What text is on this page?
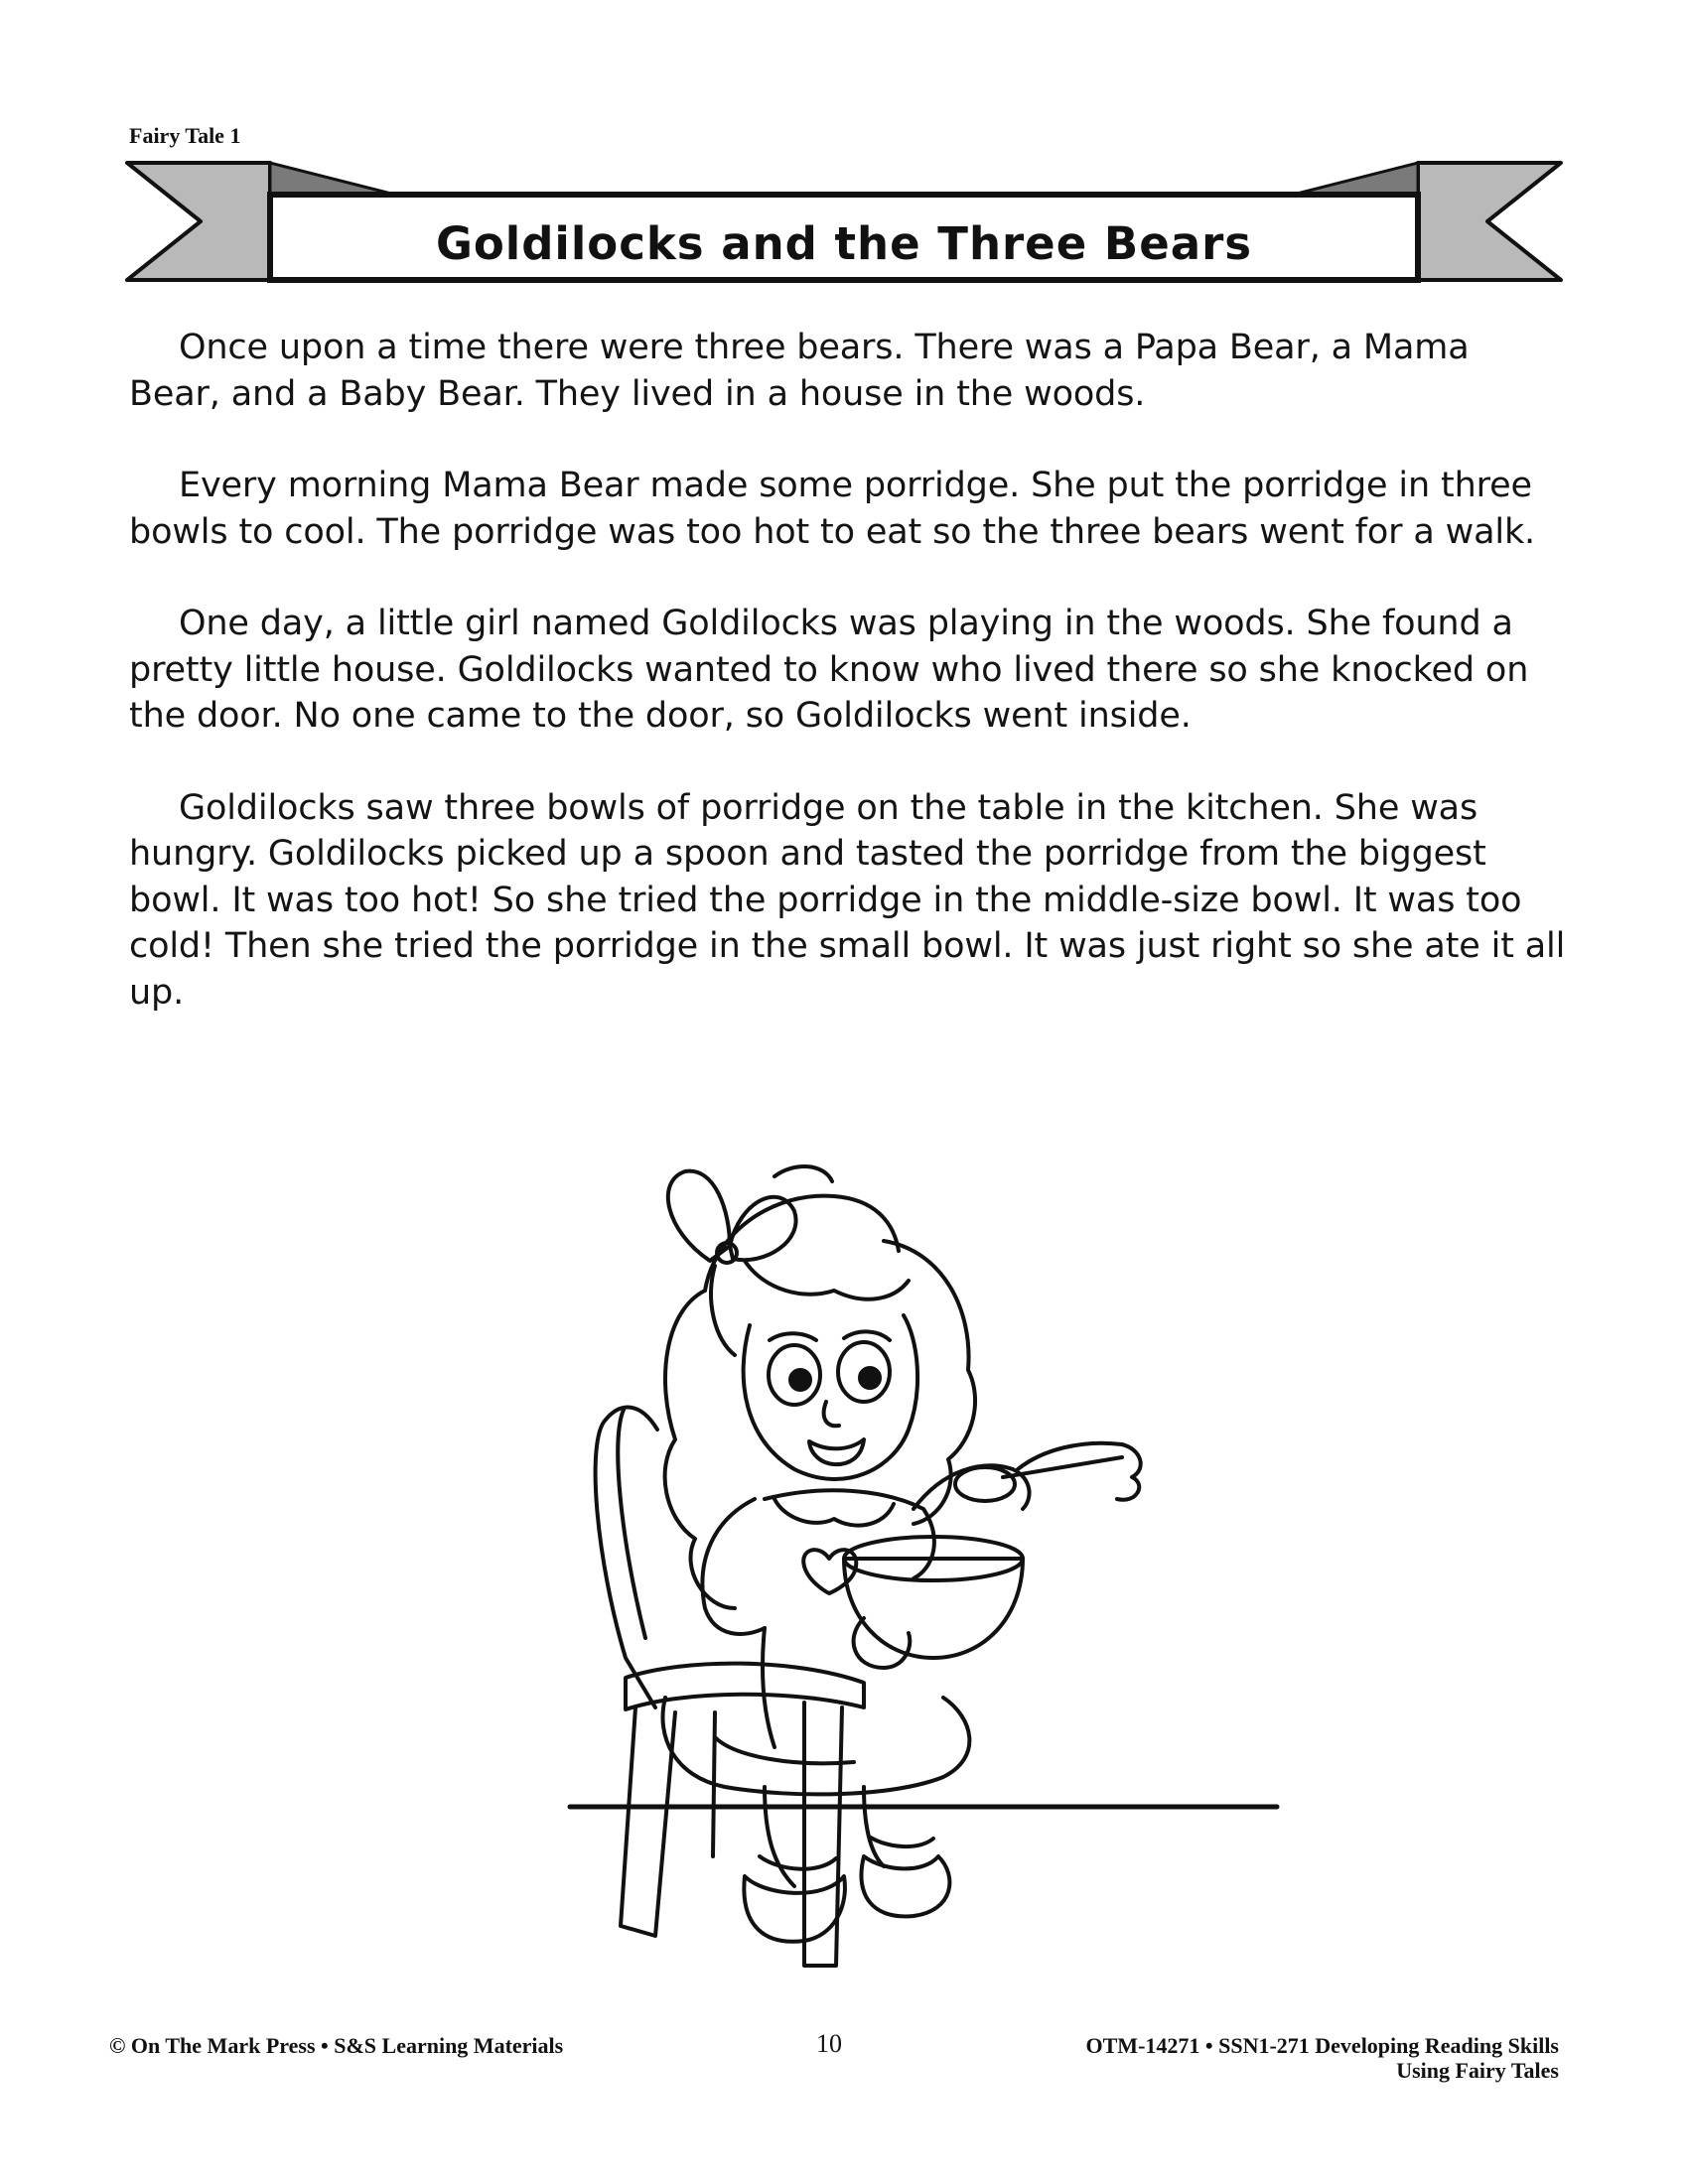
Fairy Tale 1
Goldilocks and the Three Bears

Once upon a time there were three bears. There was a Papa Bear, a Mama Bear, and a Baby Bear. They lived in a house in the woods.

Every morning Mama Bear made some porridge. She put the porridge in three bowls to cool. The porridge was too hot to eat so the three bears went for a walk.

One day, a little girl named Goldilocks was playing in the woods. She found a pretty little house. Goldilocks wanted to know who lived there so she knocked on the door. No one came to the door, so Goldilocks went inside.

Goldilocks saw three bowls of porridge on the table in the kitchen. She was hungry. Goldilocks picked up a spoon and tasted the porridge from the biggest bowl. It was too hot! So she tried the porridge in the middle-size bowl. It was too cold! Then she tried the porridge in the small bowl. It was just right so she ate it all up.

© On The Mark Press • S&S Learning Materials	10	OTM-14271 • SSN1-271 Developing Reading Skills
Using Fairy Tales
